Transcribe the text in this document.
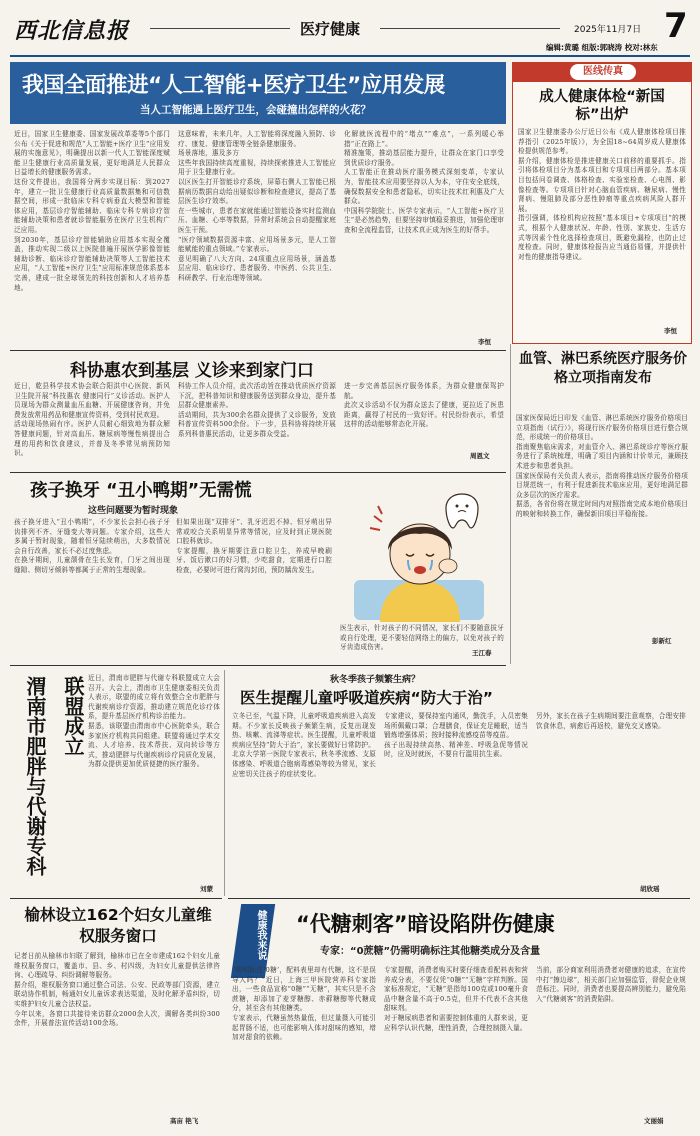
西北信息报	医疗健康	2025年11月7日 7
编辑:黄璐 组版:郭晓涛 校对:林东
我国全面推进“人工智能+医疗卫生”应用发展
当人工智能遇上医疗卫生，会碰撞出怎样的火花？
近日，国家卫生健康委、国家发展改革委等5个部门公布《关于促进和规范“人工智能+医疗卫生”应用发展的实施意见》，明确提出以新一代人工智能深度赋能卫生健康行业高质量发展，更好地满足人民群众日益增长的健康服务需求。
这份文件提出，我国将分两步实现目标：到2027年，建立一批卫生健康行业高质量数据集和可信数据空间，形成一批临床专科专病垂直大模型和智能体应用，基层诊疗智能辅助、临床专科专病诊疗智能辅助决策和患者就诊智能服务在医疗卫生机构广泛应用。
到2030年，基层诊疗智能辅助应用基本实现全覆盖，推动实现二级以上医院普遍开展医学影像智能辅助诊断、临床诊疗智能辅助决策等人工智能技术应用，“人工智能+医疗卫生”应用标准规范体系基本完善，建成一批全球领先的科技创新和人才培养基地。
这意味着，未来几年，人工智能将深度融入预防、诊疗、康复、健康管理等全链条健康服务。
场景落地，惠及多方
这些年我国持续高度重视，持续探索推进人工智能应用于卫生健康行业。
以区医生打开智能诊疗系统，屏幕右侧人工智能已根据病历数据自动给出疑似诊断和检查建议，提高了基层医生诊疗效率。
在一些城市，患者在家就能通过智能设备实时监测血压、血糖、心率等数据，异常时系统会自动提醒家庭医生干预。
“医疗领域数据资源丰富、应用场景多元，是人工智能赋能的重点领域。”专家表示。
意见明确了八大方向、24项重点应用场景，涵盖基层应用、临床诊疗、患者服务、中医药、公共卫生、科研教学、行业治理等领域。
化解就医流程中的“堵点”“难点”，一系列暖心举措“正在路上”。
精准施策，推动基层能力提升，让群众在家门口享受到优质诊疗服务。
人工智能正在推动医疗服务模式深刻变革，专家认为，智能技术应用要坚持以人为本，守住安全底线，确保数据安全和患者隐私，切实让技术红利惠及广大群众。
中国科学院院士、医学专家表示，“人工智能+医疗卫生”是必然趋势，但要坚持审慎稳妥推进，加强伦理审查和全流程监管，让技术真正成为医生的好帮手。
李恒
医线传真
成人健康体检“新国标”出炉
国家卫生健康委办公厅近日公布《成人健康体检项目推荐指引（2025年版）》，为全国18~64周岁成人健康体检提供规范参考。
据介绍，健康体检是推进健康关口前移的重要抓手。指引将体检项目分为基本项目和专项项目两部分。基本项目包括问卷调查、体格检查、实验室检查、心电图、影像检查等。专项项目针对心脑血管疾病、糖尿病、慢性肾病、慢阻肺及部分恶性肿瘤等重点疾病风险人群开展。
指引强调，体检机构应按照“基本项目+专项项目”的模式，根据个人健康状况、年龄、性别、家族史、生活方式等因素个性化选择检查项目，既避免漏检，也防止过度检查。同时，健康体检报告应当通俗易懂，并提供针对性的健康指导建议。
李恒
科协惠农到基层 义诊来到家门口
近日，乾县科学技术协会联合阳洪中心医院、新风卫生院开展“科技惠农 健康同行”义诊活动。医护人员现场为群众测量血压血糖、开展健康咨询，并免费发放常用药品和健康宣传资料，受到村民欢迎。
活动现场热闹有序。医护人员耐心细致地为群众解答健康问题，针对高血压、糖尿病等慢性病提出合理的用药和饮食建议，并普及冬季常见病预防知识。
科协工作人员介绍，此次活动旨在推动优质医疗资源下沉，把科普知识和健康服务送到群众身边，提升基层群众健康素养。
活动期间，共为300余名群众提供了义诊服务，发放科普宣传资料500余份。下一步，县科协将持续开展系列科普惠民活动，让更多群众受益。
进一步完善基层医疗服务体系，为群众健康保驾护航。
此次义诊活动不仅为群众送去了健康，更拉近了医患距离，赢得了村民的一致好评。村民纷纷表示，希望这样的活动能够常态化开展。
周恩文
孩子换牙 “丑小鸭期”无需慌
这些问题要为暂时现象
孩子换牙进入“丑小鸭期”，不少家长会担心孩子牙齿排列不齐、牙缝变大等问题。专家介绍，这些大多属于暂时现象，随着恒牙陆续萌出，大多数情况会自行改善，家长不必过度焦虑。
在换牙期间，儿童颌骨在生长发育，门牙之间出现缝隙、侧切牙倾斜等都属于正常的生理现象。
但如果出现“双排牙”、乳牙迟迟不掉、恒牙萌出异常或咬合关系明显异常等情况，应及时到正规医院口腔科就诊。
专家提醒，换牙期要注意口腔卫生，养成早晚刷牙、饭后漱口的好习惯，少吃甜食，定期进行口腔检查，必要时可进行窝沟封闭，预防龋齿发生。
医生表示，针对孩子的不同情况，家长们不要随意拔牙或自行处理，更不要轻信网络上的偏方，以免对孩子的牙齿造成伤害。
王江春
渭南市肥胖与代谢专科 联盟成立 近日，渭南市肥胖与代谢专科联盟成立大会召开。大会上，渭南市卫生健康委相关负责人表示，联盟的成立将有效整合全市肥胖与代谢疾病诊疗资源，推动建立规范化诊疗体系，提升基层医疗机构诊治能力。
据悉，该联盟由渭南市中心医院牵头，联合多家医疗机构共同组建。联盟将通过学术交流、人才培养、技术帮扶、双向转诊等方式，推动肥胖与代谢疾病诊疗同质化发展，为群众提供更加优质便捷的医疗服务。
刘蒙
秋冬季孩子频繁生病？
医生提醒儿童呼吸道疾病“防大于治”
立冬已至，气温下降，儿童呼吸道疾病进入高发期。不少家长反映孩子频繁生病，反复出现发热、咳嗽、流涕等症状。医生提醒，儿童呼吸道疾病应坚持“防大于治”，家长要做好日常防护。
北京大学第一医院专家表示，秋冬季流感、支原体感染、呼吸道合胞病毒感染等较为常见，家长应密切关注孩子的症状变化。
专家建议，要保持室内通风，勤洗手，人员密集场所佩戴口罩；合理膳食，保证充足睡眠，适当锻炼增强体质；按时接种流感疫苗等疫苗。
孩子出现持续高热、精神差、呼吸急促等情况时，应及时就医，不要自行滥用抗生素。
另外，家长在孩子生病期间要注意观察，合理安排饮食休息，病愈后再返校，避免交叉感染。
胡欣瑶
血管、淋巴系统医疗服务价格立项指南发布
国家医保局近日印发《血管、淋巴系统医疗服务价格项目立项指南（试行）》，将现行医疗服务价格项目进行整合规范，形成统一的价格项目。
指南聚焦临床需求，对血管介入、淋巴系统诊疗等医疗服务进行了系统梳理，明确了项目内涵和计价单元，兼顾技术进步和患者负担。
国家医保局有关负责人表示，指南将推动医疗服务价格项目规范统一，有利于促进新技术临床应用，更好地满足群众多层次的医疗需求。
据悉，各省份将在规定时间内对照指南完成本地价格项目的映射和转换工作，确保新旧项目平稳衔接。
彭新红
健康我来说 “代糖刺客”暗设陷阱伤健康
专家：“0蔗糖”仍需明确标注其他糖类成分及含量
“明明标注‘0糖’，配料表里却有代糖，这不是误导人吗？”近日，上海三甲医院营养科专家指出，一些食品宣称“0糖”“无糖”，其实只是不含蔗糖，却添加了麦芽糖醇、赤藓糖醇等代糖成分，甚至含有其他糖类。
专家表示，代糖虽然热量低，但过量摄入可能引起胃肠不适，也可能影响人体对甜味的感知，增加对甜食的依赖。
专家提醒，消费者购买时要仔细查看配料表和营养成分表，不要仅凭“0糖”“无糖”字样判断。国家标准规定，“无糖”是指每100克或100毫升食品中糖含量不高于0.5克，但并不代表不含其他甜味剂。
对于糖尿病患者和需要控制体重的人群来说，更应科学认识代糖，理性消费，合理控制摄入量。
当前，部分商家利用消费者对健康的追求，在宣传中打“擦边球”，相关部门应加强监管，督促企业规范标注。同时，消费者也要提高辨别能力，避免陷入“代糖刺客”的消费陷阱。
文丽娟
榆林设立162个妇女儿童维权服务窗口
记者日前从榆林市妇联了解到，榆林市已在全市建成162个妇女儿童维权服务窗口，覆盖市、县、乡、村四级，为妇女儿童提供法律咨询、心理疏导、纠纷调解等服务。
据介绍，维权服务窗口通过整合司法、公安、民政等部门资源，建立联动协作机制，畅通妇女儿童诉求表达渠道，及时化解矛盾纠纷，切实维护妇女儿童合法权益。
今年以来，各窗口共接待来访群众2000余人次，调解各类纠纷300余件，开展普法宣传活动100余场。
高亩 艳飞
